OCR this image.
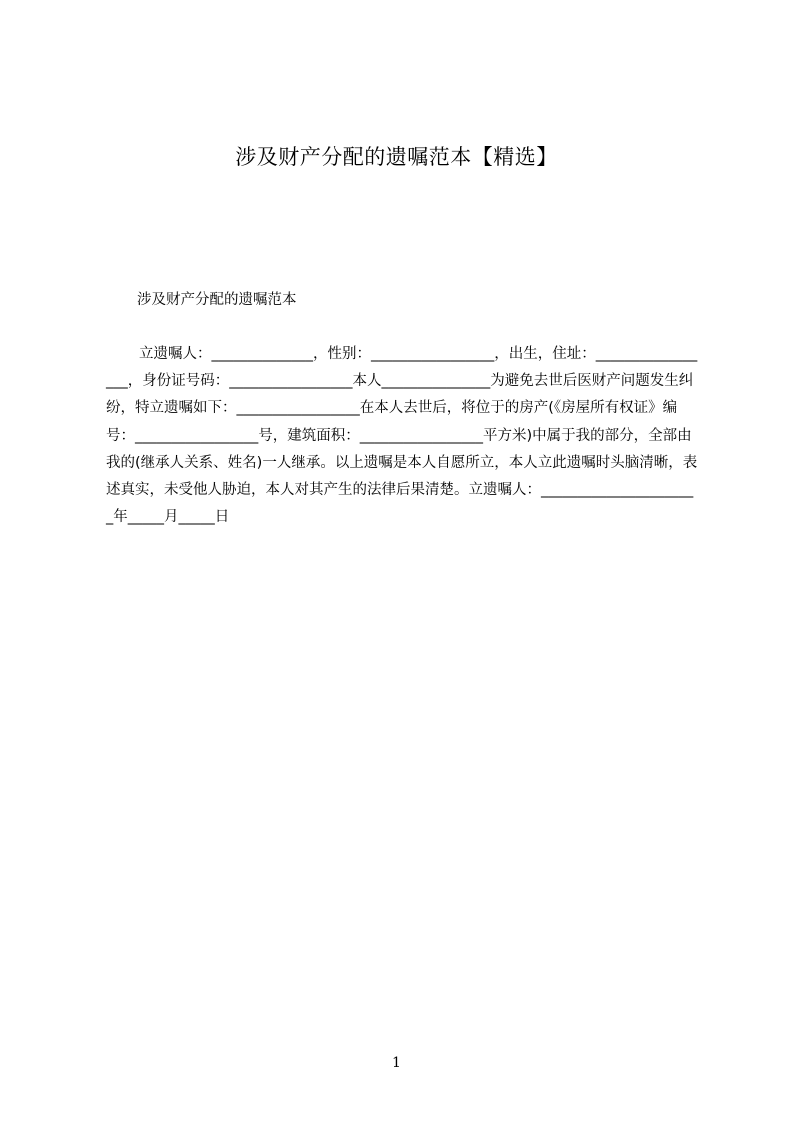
涉及财产分配的遗嘱范本【精选】
涉及财产分配的遗嘱范本
立遗嘱人：______________，性别：_________________，出生，住址：_________________，身份证号码：_________________本人_______________为避免去世后医财产问题发生纠纷，特立遗嘱如下：_________________在本人去世后，将位于的房产(《房屋所有权证》编号：_________________号，建筑面积：_________________平方米)中属于我的部分，全部由我的(继承人关系、姓名)一人继承。以上遗嘱是本人自愿所立，本人立此遗嘱时头脑清晰，表述真实，未受他人胁迫，本人对其产生的法律后果清楚。立遗嘱人：______________________年_____月_____日
1
